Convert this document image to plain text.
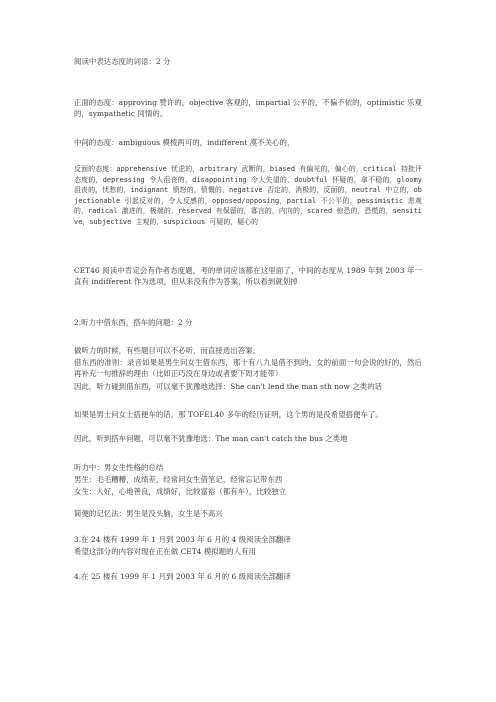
阅读中表达态度的词语：2 分

正面的态度：approving 赞许的，objective 客观的，impartial 公平的，不偏不依的，optimistic 乐观的，sympathetic 同情的。

中间的态度：ambiguous 模棱两可的，indifferent 漠不关心的，

反面的态度：apprehensive 忧虑的，arbitrary 武断的，biased 有偏见的，偏心的，critical 持批评态度的，depressing 令人沮丧的，disappointing 令人失望的，doubtful 怀疑的，拿不稳的，gloomy 沮丧的，忧愁的，indignant 愤怒的，愤慨的，negative 否定的，消极的，反面的，neutral 中立的，objectionable 引起反对的，令人反感的，opposed/opposing，partial 不公平的，pessimistic 悲观的，radical 激进的，极端的，reserved 有保留的，寡言的，内向的，scared 惊恐的，恐慌的，sensitive，subjective 主观的，suspicious 可疑的，疑心的

CET46 阅读中肯定会有作者态度题，考的单词应该都在这里面了，中间的态度从 1989 年到 2003 年一直有 indifferent 作为选项，但从来没有作为答案，所以看到就划掉

2.听力中借东西，搭车的问题：2 分

做听力的时候，有些题目可以不必听，而直接选出答案。

借东西的准则：录音如果是男生问女生借东西，那十有八九是借不到的。女的前面一句会说的好的，然后再补充一句推辞的理由（比如正巧没在身边或者要下周才能带）

因此，听力碰到借东西，可以毫不犹豫地选择：She can't lend the man sth now 之类的话

如果是男士问女士搭便车的话，那 TOFEL40 多年的经历证明，这个男的是没希望搭便车了。

因此，听到搭车问题，可以毫不犹豫地选：The man can't catch the bus 之类地

听力中：男女生性格的总结

男生：毛毛糟糟，成绩差，经常问女生借笔记，经常忘记带东西

女生：人好，心地善良，成绩好，比较富裕（都有车），比较独立

简便的记忆法：男生是没头脑，女生是不高兴

3.在 24 楼有 1999 年 1 月到 2003 年 6 月的 4 级阅读全部翻译

希望这部分的内容对现在正在做 CET4 模拟题的人有用

4.在 25 楼有 1999 年 1 月到 2003 年 6 月的 6 级阅读全部翻译
